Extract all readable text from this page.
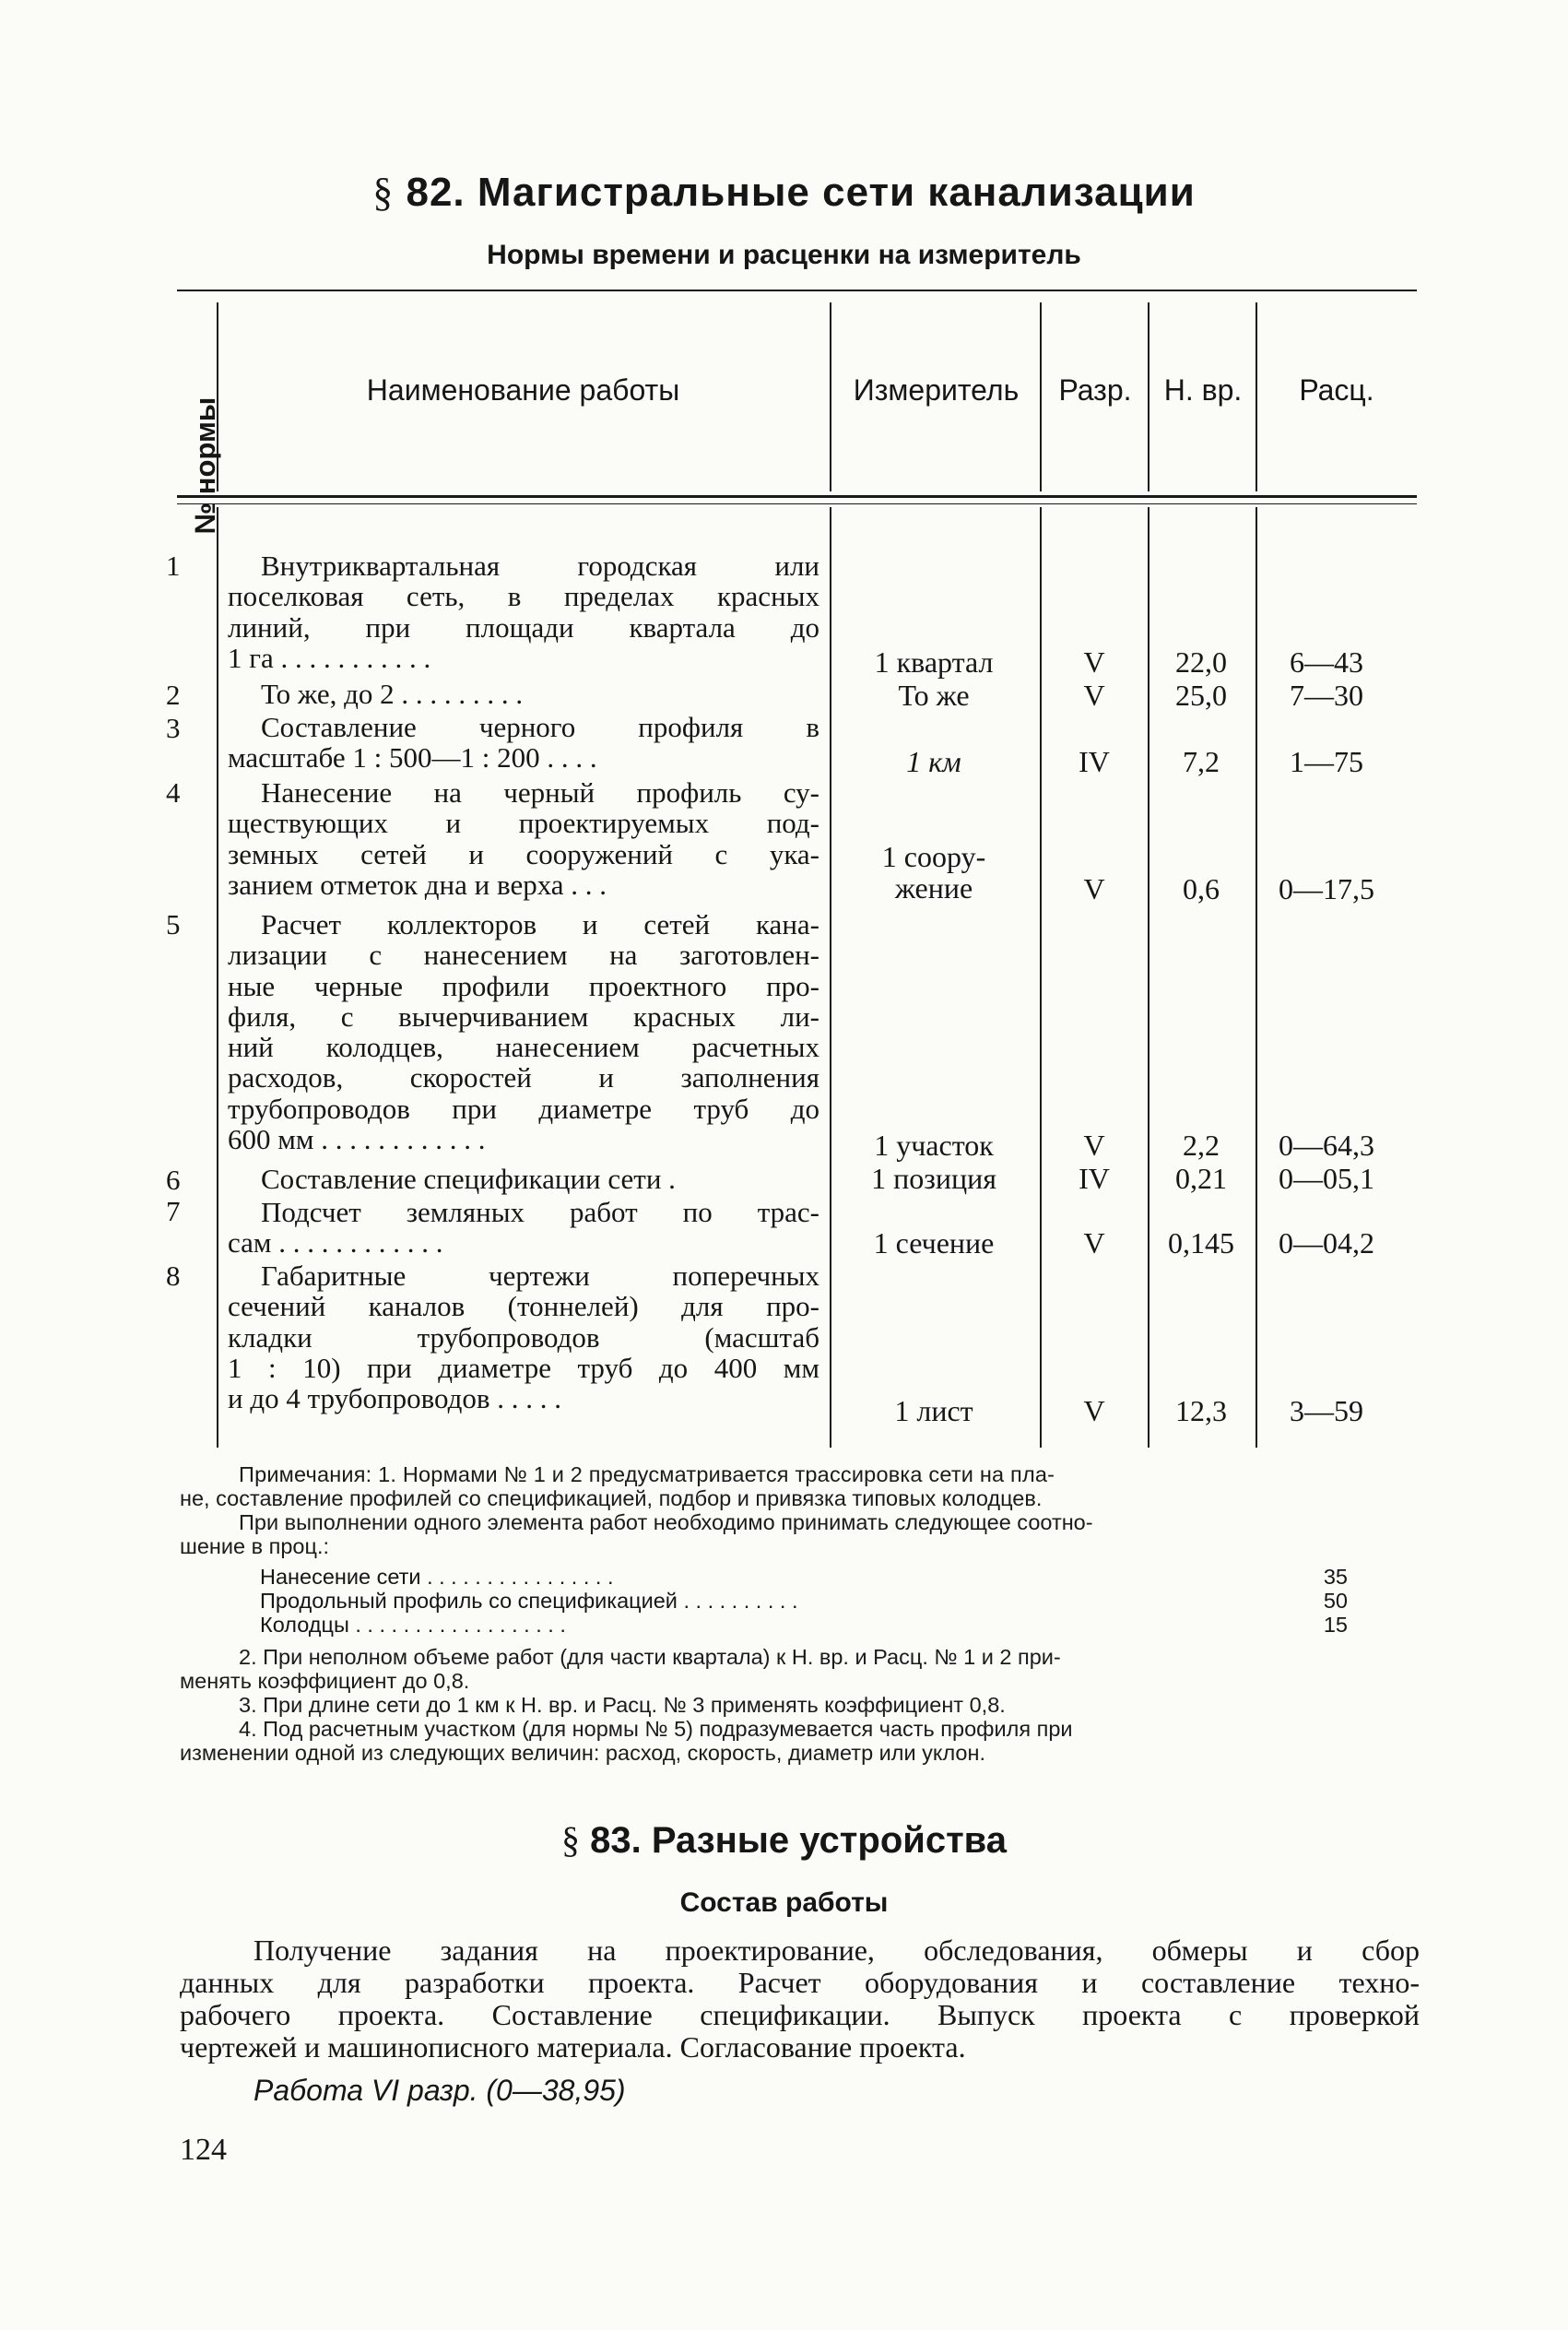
§ 82. Магистральные сети канализации
Нормы времени и расценки на измеритель
№ нормы
Наименование работы	Измеритель	Разр.	Н. вр.	Расц.
1	Внутриквартальная городская или
поселковая сеть, в пределах красных
линий, при площади квартала до
1 га . . . . . . . . . . .	1 квартал	V	22,0	6—43
2	То же, до 2 . . . . . . . . .	То же	V	25,0	7—30
3	Составление черного профиля в
масштабе 1 : 500—1 : 200 . . . .	1 км	IV	7,2	1—75
4	Нанесение на черный профиль су-
ществующих и проектируемых под-
земных сетей и сооружений с ука-
занием отметок дна и верха . . .
1 соору-
жение	V	0,6	0—17,5
5	Расчет коллекторов и сетей кана-
лизации с нанесением на заготовлен-
ные черные профили проектного про-
филя, с вычерчиванием красных ли-
ний колодцев, нанесением расчетных
расходов, скоростей и заполнения
трубопроводов при диаметре труб до
600 мм . . . . . . . . . . . .	1 участок	V	2,2	0—64,3
6	Составление спецификации сети .	1 позиция	IV	0,21	0—05,1
7	Подсчет земляных работ по трас-
сам . . . . . . . . . . . .	1 сечение	V	0,145	0—04,2
8	Габаритные чертежи поперечных
сечений каналов (тоннелей) для про-
кладки трубопроводов (масштаб
1 : 10) при диаметре труб до 400 мм
и до 4 трубопроводов . . . . .	1 лист	V	12,3	3—59
Примечания: 1. Нормами № 1 и 2 предусматривается трассировка сети на пла-
не, составление профилей со спецификацией, подбор и привязка типовых колодцев.
При выполнении одного элемента работ необходимо принимать следующее соотно-
шение в проц.:
Нанесение сети . . . . . . . . . . . . . . . .	35
Продольный профиль со спецификацией . . . . . . . . . .	50
Колодцы . . . . . . . . . . . . . . . . . .	15
2. При неполном объеме работ (для части квартала) к Н. вр. и Расц. № 1 и 2 при-
менять коэффициент до 0,8.
3. При длине сети до 1 км к Н. вр. и Расц. № 3 применять коэффициент 0,8.
4. Под расчетным участком (для нормы № 5) подразумевается часть профиля при
изменении одной из следующих величин: расход, скорость, диаметр или уклон.
§ 83. Разные устройства
Состав работы
Получение задания на проектирование, обследования, обмеры и сбор
данных для разработки проекта. Расчет оборудования и составление техно-
рабочего проекта. Составление спецификации. Выпуск проекта с проверкой
чертежей и машинописного материала. Согласование проекта.
Работа VI разр. (0—38,95)
124
